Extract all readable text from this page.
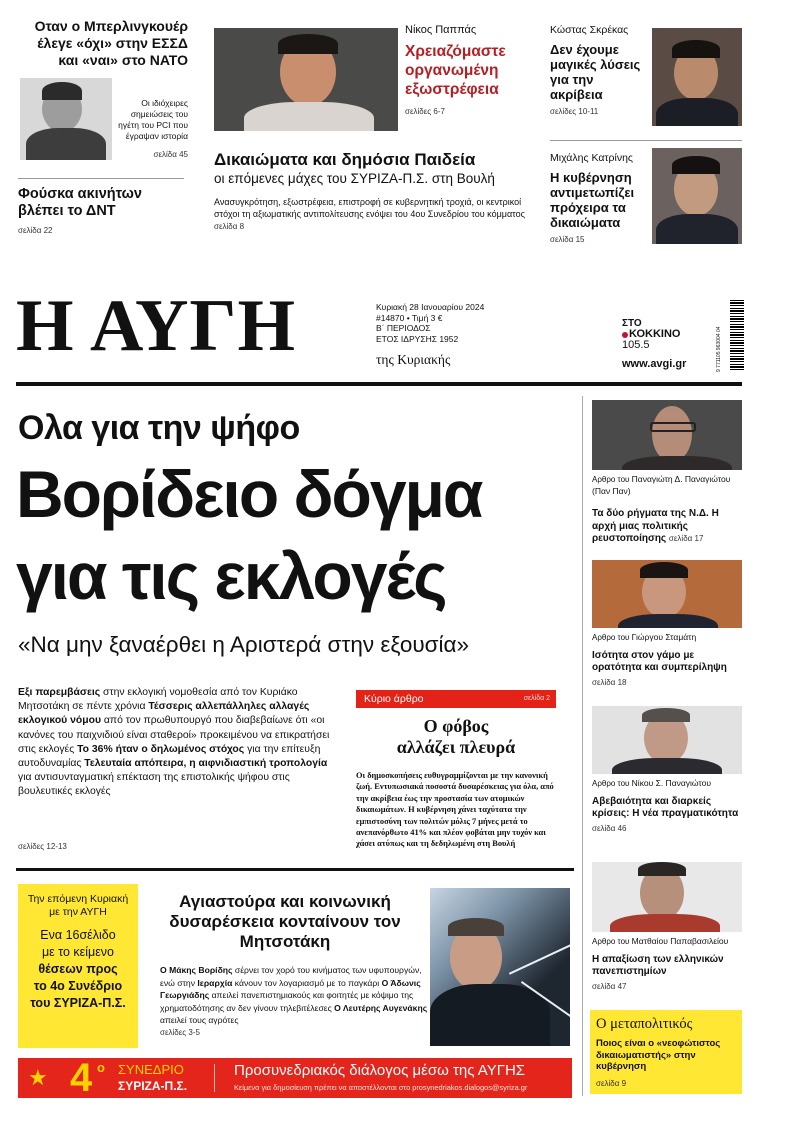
Οταν ο Μπερλινγκουέρ έλεγε «όχι» στην ΕΣΣΔ και «ναι» στο ΝΑΤΟ
Οι ιδιόχειρες σημειώσεις του ηγέτη του PCI που έγραψαν ιστορία
σελίδα 45
Φούσκα ακινήτων βλέπει το ΔΝΤ
σελίδα 22
Νίκος Παππάς
Χρειαζόμαστε οργανωμένη εξωστρέφεια
σελίδες 6-7
Δικαιώματα και δημόσια Παιδεία
οι επόμενες μάχες του ΣΥΡΙΖΑ-Π.Σ. στη Βουλή
Ανασυγκρότηση, εξωστρέφεια, επιστροφή σε κυβερνητική τροχιά, οι κεντρικοί στόχοι τη αξιωματικής αντιπολίτευσης ενόψει του 4ου Συνεδρίου του κόμματος σελίδα 8
Κώστας Σκρέκας
Δεν έχουμε μαγικές λύσεις για την ακρίβεια
σελίδες 10-11
Μιχάλης Κατρίνης
Η κυβέρνηση αντιμετωπίζει πρόχειρα τα δικαιώματα
σελίδα 15
Η ΑΥΓΗ	της Κυριακής
Κυριακή 28 Ιανουαρίου 2024
#14870 • Τιμή 3 €
Β΄ ΠΕΡΙΟΔΟΣ
ΕΤΟΣ ΙΔΡΥΣΗΣ 1952
ΣΤΟ
ΚΟΚΚΙΝΟ
105.5
www.avgi.gr	9 771105 963004 04
Ολα για την ψήφο
Βορίδειο δόγμα
για τις εκλογές
«Να μην ξαναέρθει η Αριστερά στην εξουσία»
Εξι παρεμβάσεις στην εκλογική νομοθεσία από τον Κυριάκο Μητσοτάκη σε πέντε χρόνια Τέσσερις αλλεπάλληλες αλλαγές εκλογικού νόμου από τον πρωθυπουργό που διαβεβαίωνε ότι «οι κανόνες του παιχνιδιού είναι σταθεροί» προκειμένου να επικρατήσει στις εκλογές Το 36% ήταν ο δηλωμένος στόχος για την επίτευξη αυτοδυναμίας Τελευταία απόπειρα, η αιφνιδιαστική τροπολογία για αντισυνταγματική επέκταση της επιστολικής ψήφου στις βουλευτικές εκλογές
σελίδες 12-13
Κύριο άρθρο	σελίδα 2
Ο φόβος αλλάζει πλευρά
Οι δημοσκοπήσεις ευθυγραμμίζονται με την κανονική ζωή. Εντυπωσιακά ποσοστά δυσαρέσκειας για όλα, από την ακρίβεια έως την προστασία των ατομικών δικαιωμάτων. Η κυβέρνηση χάνει ταχύτατα την εμπιστοσύνη των πολιτών μόλις 7 μήνες μετά το ανεπανόρθωτο 41% και πλέον φοβάται μην τυχόν και χάσει ατύπως και τη δεδηλωμένη στη Βουλή
Την επόμενη Κυριακή
με την ΑΥΓΗ
Ενα 16σέλιδο
με το κείμενο
θέσεων προς
το 4ο Συνέδριο
του ΣΥΡΙΖΑ-Π.Σ.
Αγιαστούρα και κοινωνική δυσαρέσκεια κονταίνουν τον Μητσοτάκη
Ο Μάκης Βορίδης σέρνει τον χορό του κινήματος των υφυπουργών, ενώ στην Ιεραρχία κάνουν τον λογαριασμό με το παγκάρι Ο Άδωνις Γεωργιάδης απειλεί πανεπιστημιακούς και φοιτητές με κόψιμο της χρηματοδότησης αν δεν γίνουν τηλεβιτέλεσες Ο Λευτέρης Αυγενάκης απειλεί τους αγρότες
σελίδες 3-5
★ 4 ο ΣΥΝΕΔΡΙΟ
ΣΥΡΙΖΑ-Π.Σ.
Προσυνεδριακός διάλογος μέσω της ΑΥΓΗΣ
Κείμενα για δημοσίευση πρέπει να αποστέλλονται στο prosynedriakos.dialogos@syriza.gr
Αρθρο του Παναγιώτη Δ. Παναγιώτου (Παν Παν)
Τα δύο ρήγματα της Ν.Δ. Η αρχή μιας πολιτικής ρευστοποίησης σελίδα 17
Αρθρο του Γιώργου Σταμάτη
Ισότητα στον γάμο με ορατότητα και συμπερίληψη
σελίδα 18
Αρθρο του Νίκου Σ. Παναγιώτου
Αβεβαιότητα και διαρκείς κρίσεις: Η νέα πραγματικότητα
σελίδα 46
Αρθρο του Ματθαίου Παπαβασιλείου
Η απαξίωση των ελληνικών πανεπιστημίων
σελίδα 47
Ο μεταπολιτικός
Ποιος είναι ο «νεοφώτιστος δικαιωματιστής» στην κυβέρνηση
σελίδα 9
